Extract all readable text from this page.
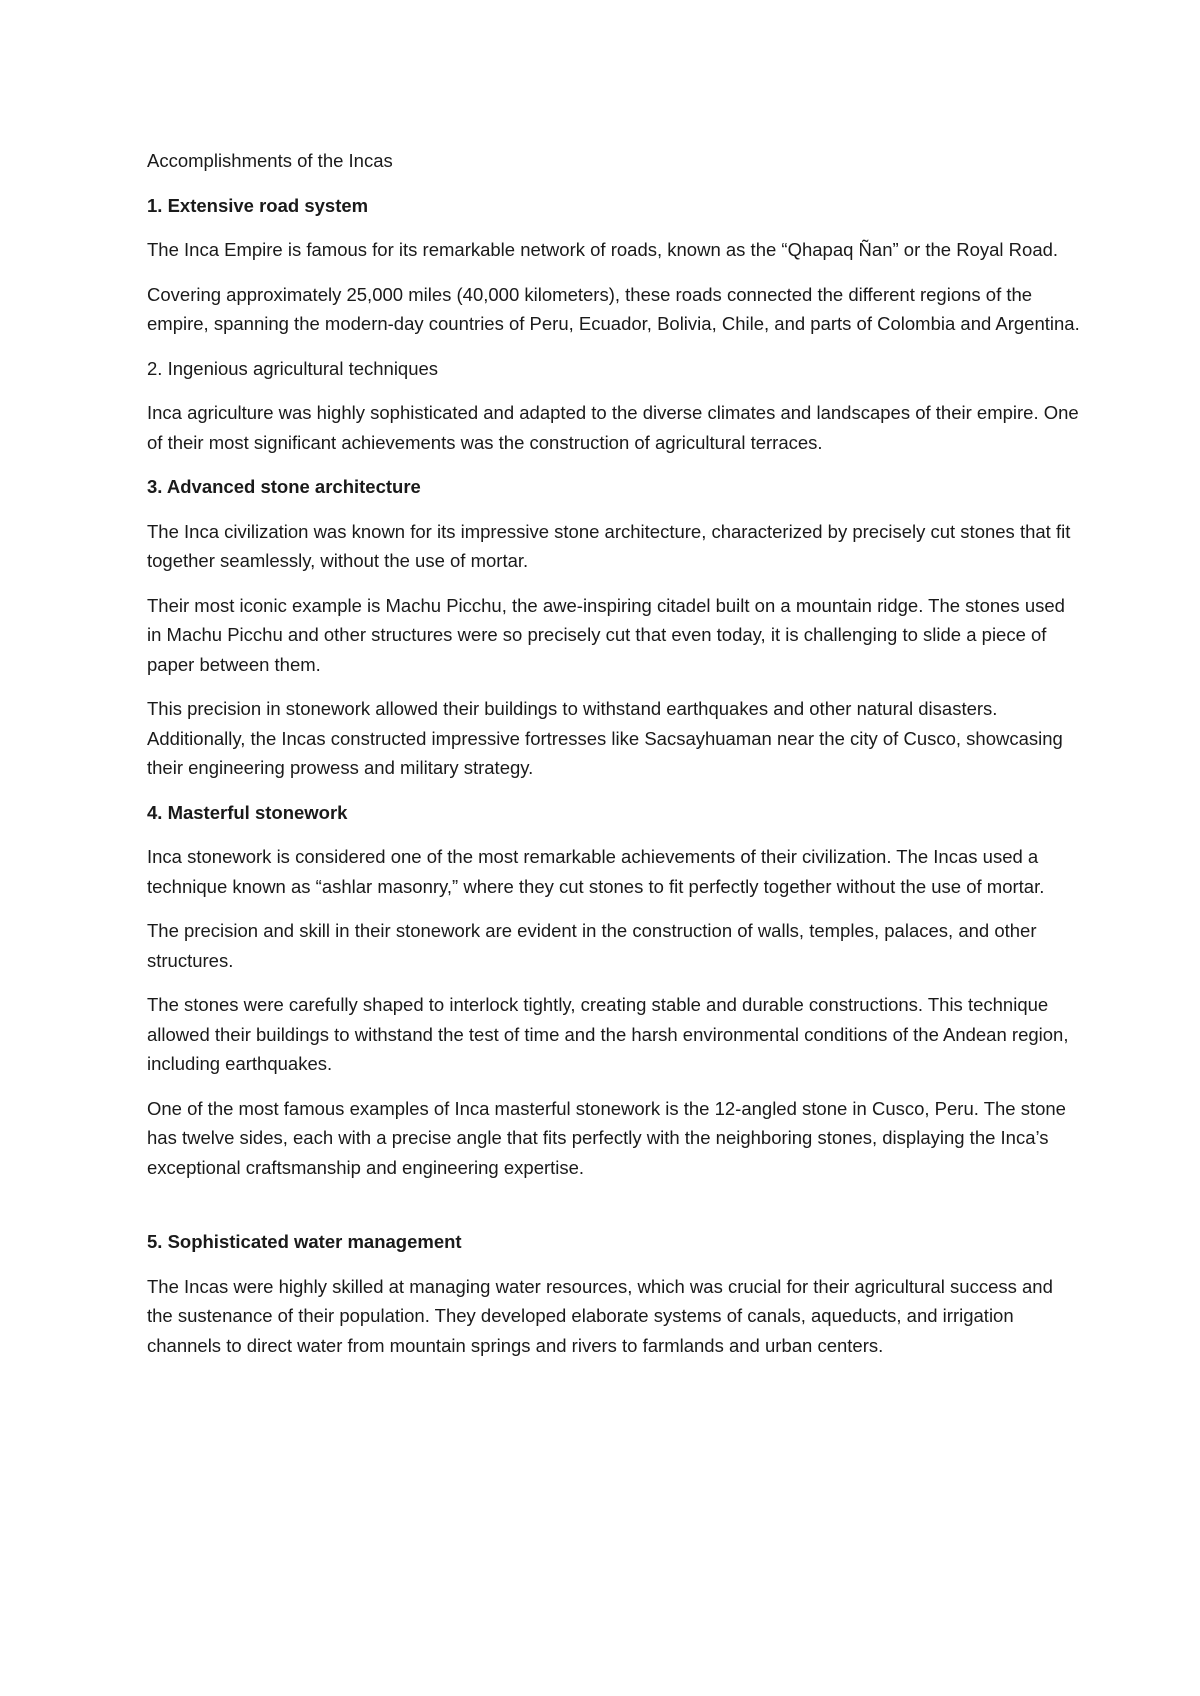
Accomplishments of the Incas
1. Extensive road system
The Inca Empire is famous for its remarkable network of roads, known as the “Qhapaq Ñan” or the Royal Road.
Covering approximately 25,000 miles (40,000 kilometers), these roads connected the different regions of the empire, spanning the modern-day countries of Peru, Ecuador, Bolivia, Chile, and parts of Colombia and Argentina.
2. Ingenious agricultural techniques
Inca agriculture was highly sophisticated and adapted to the diverse climates and landscapes of their empire. One of their most significant achievements was the construction of agricultural terraces.
3. Advanced stone architecture
The Inca civilization was known for its impressive stone architecture, characterized by precisely cut stones that fit together seamlessly, without the use of mortar.
Their most iconic example is Machu Picchu, the awe-inspiring citadel built on a mountain ridge. The stones used in Machu Picchu and other structures were so precisely cut that even today, it is challenging to slide a piece of paper between them.
This precision in stonework allowed their buildings to withstand earthquakes and other natural disasters. Additionally, the Incas constructed impressive fortresses like Sacsayhuaman near the city of Cusco, showcasing their engineering prowess and military strategy.
4. Masterful stonework
Inca stonework is considered one of the most remarkable achievements of their civilization. The Incas used a technique known as “ashlar masonry,” where they cut stones to fit perfectly together without the use of mortar.
The precision and skill in their stonework are evident in the construction of walls, temples, palaces, and other structures.
The stones were carefully shaped to interlock tightly, creating stable and durable constructions. This technique allowed their buildings to withstand the test of time and the harsh environmental conditions of the Andean region, including earthquakes.
One of the most famous examples of Inca masterful stonework is the 12-angled stone in Cusco, Peru. The stone has twelve sides, each with a precise angle that fits perfectly with the neighboring stones, displaying the Inca’s exceptional craftsmanship and engineering expertise.
5. Sophisticated water management
The Incas were highly skilled at managing water resources, which was crucial for their agricultural success and the sustenance of their population. They developed elaborate systems of canals, aqueducts, and irrigation channels to direct water from mountain springs and rivers to farmlands and urban centers.
